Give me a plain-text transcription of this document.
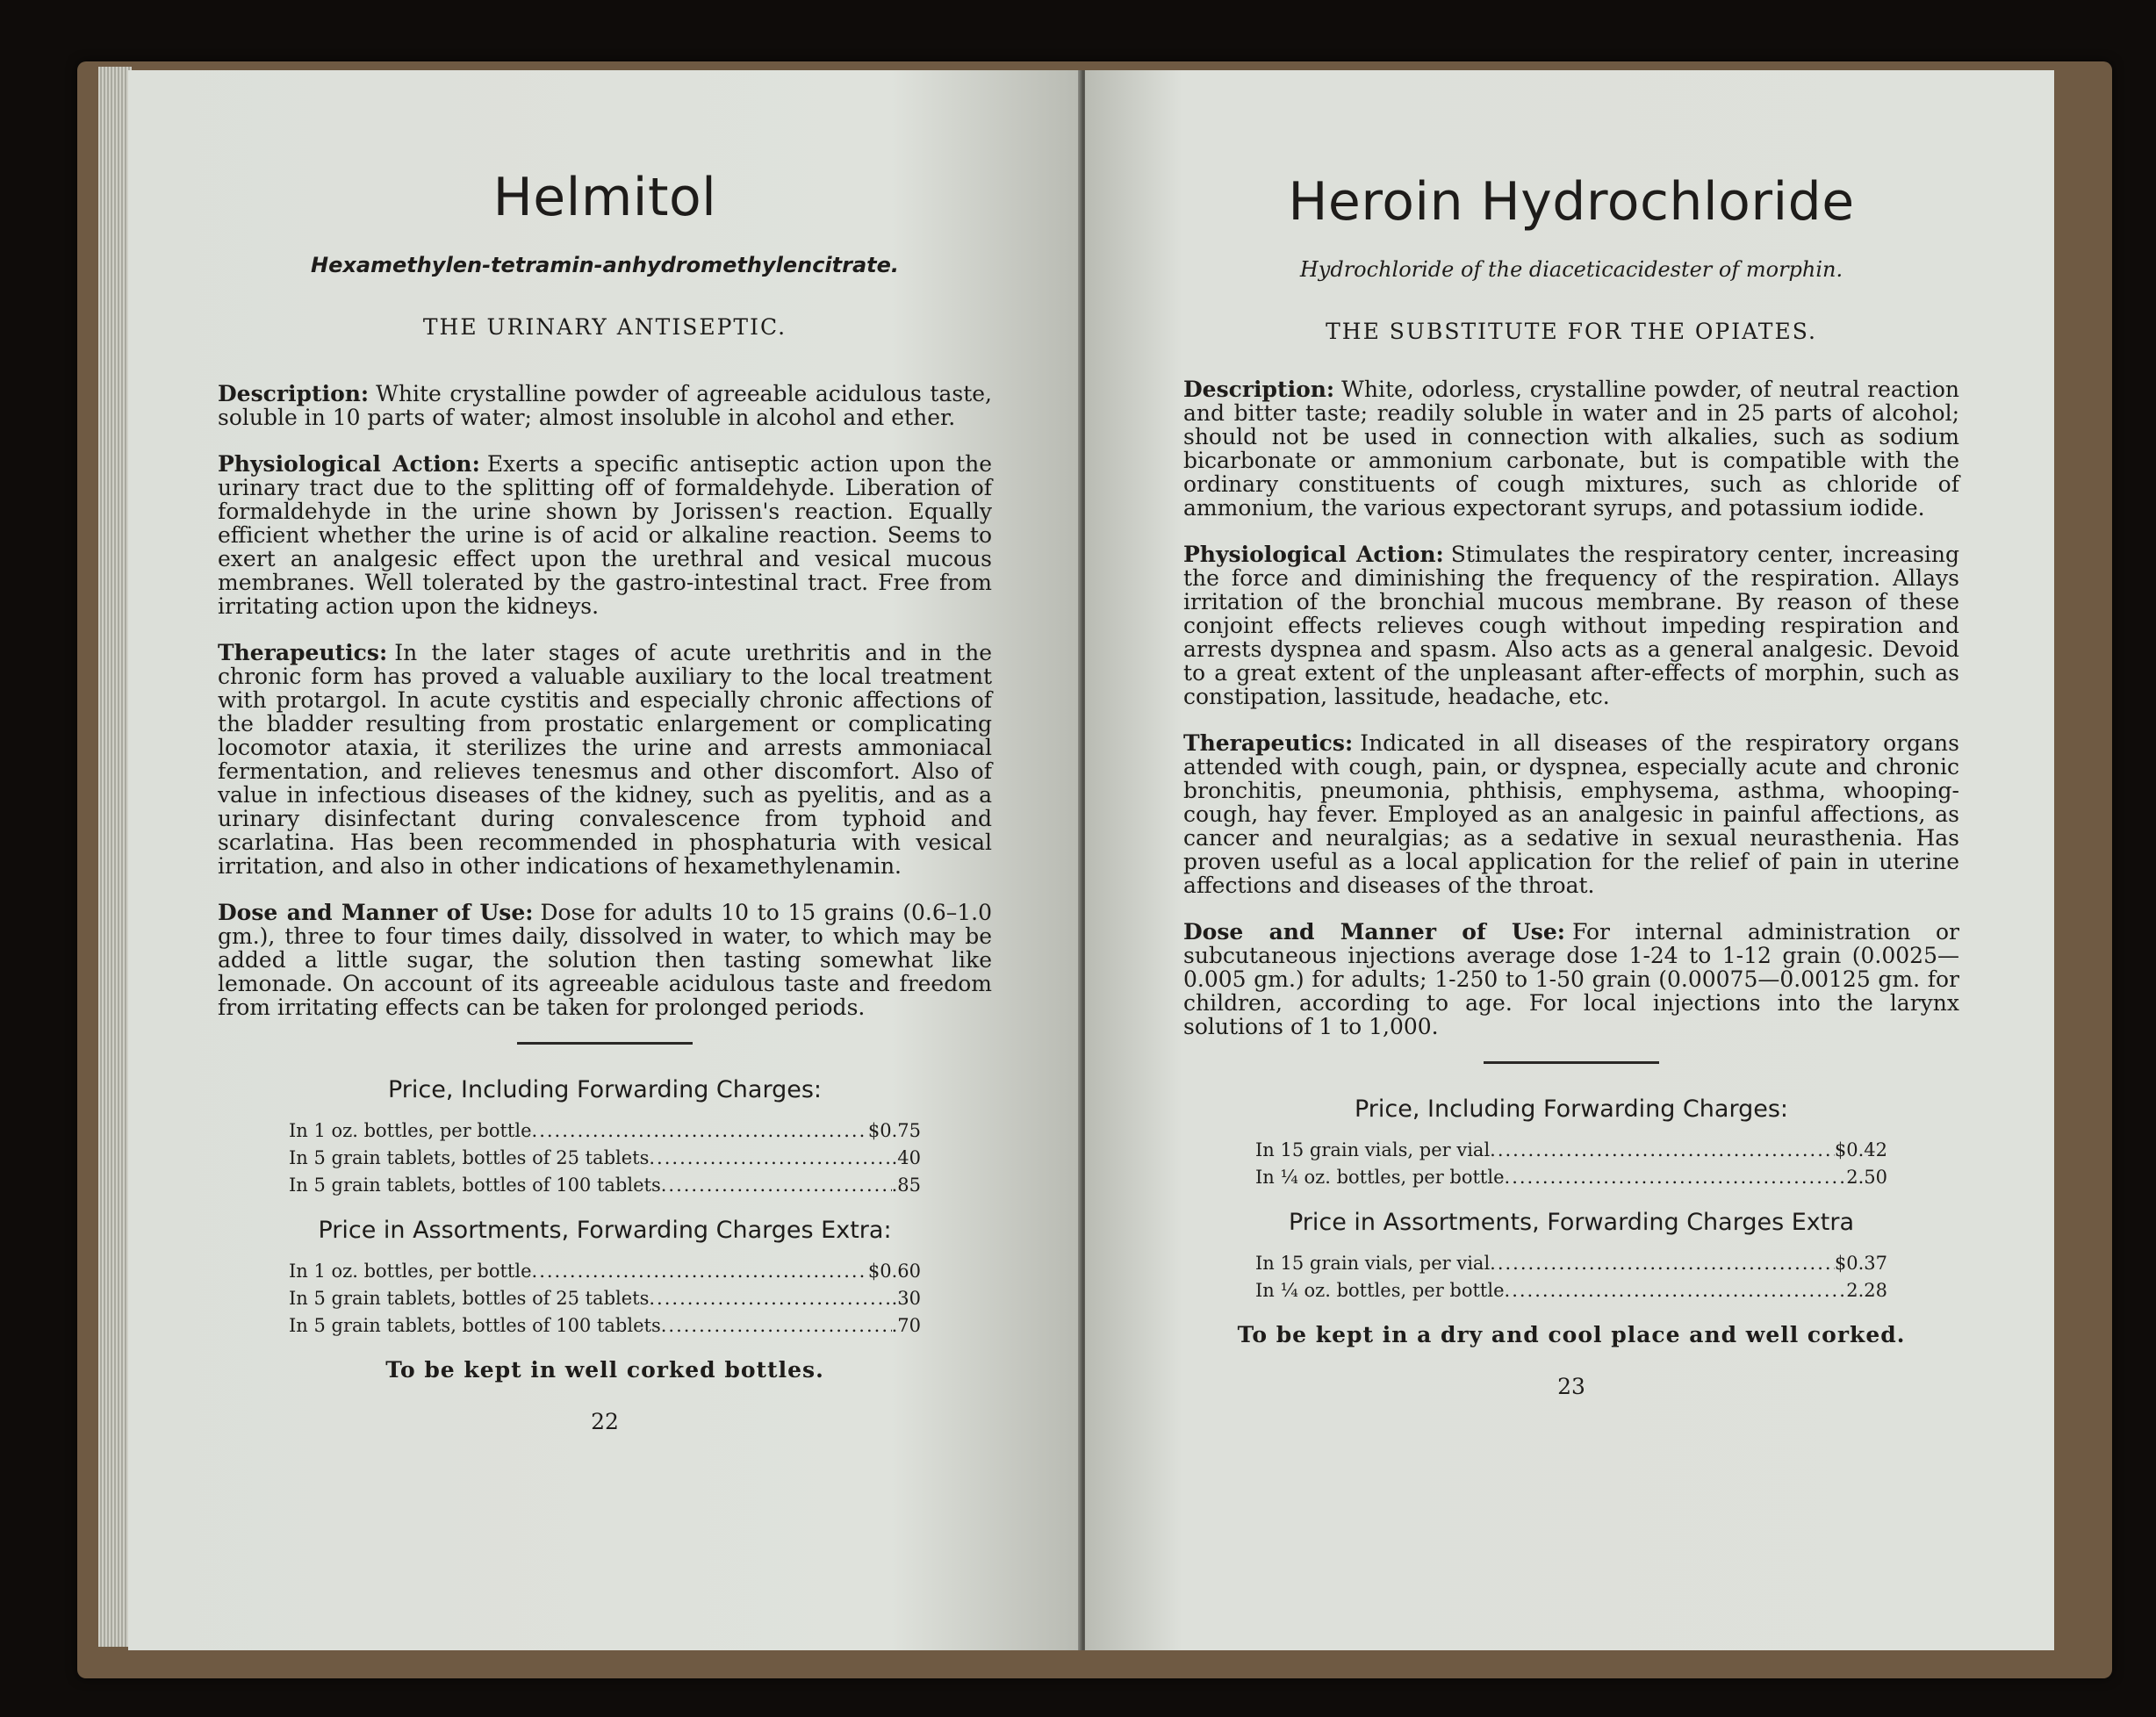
Helmitol
Hexamethylen-tetramin-anhydromethylencitrate.
THE URINARY ANTISEPTIC.

Description: White crystalline powder of agreeable acidulous taste, soluble in 10 parts of water; almost insoluble in alcohol and ether.

Physiological Action: Exerts a specific antiseptic action upon the urinary tract due to the splitting off of formaldehyde. Liberation of formaldehyde in the urine shown by Jorissen's reaction. Equally efficient whether the urine is of acid or alkaline reaction. Seems to exert an analgesic effect upon the urethral and vesical mucous membranes. Well tolerated by the gastro-intestinal tract. Free from irritating action upon the kidneys.

Therapeutics: In the later stages of acute urethritis and in the chronic form has proved a valuable auxiliary to the local treatment with protargol. In acute cystitis and especially chronic affections of the bladder resulting from prostatic enlargement or complicating locomotor ataxia, it sterilizes the urine and arrests ammoniacal fermentation, and relieves tenesmus and other discomfort. Also of value in infectious diseases of the kidney, such as pyelitis, and as a urinary disinfectant during convalescence from typhoid and scarlatina. Has been recommended in phosphaturia with vesical irritation, and also in other indications of hexamethylenamin.

Dose and Manner of Use: Dose for adults 10 to 15 grains (0.6–1.0 gm.), three to four times daily, dissolved in water, to which may be added a little sugar, the solution then tasting somewhat like lemonade. On account of its agreeable acidulous taste and freedom from irritating effects can be taken for prolonged periods.

Price, Including Forwarding Charges:
In 1 oz. bottles, per bottle .....	$0.75
In 5 grain tablets, bottles of 25 tablets .....	.40
In 5 grain tablets, bottles of 100 tablets .....	.85
Price in Assortments, Forwarding Charges Extra:
In 1 oz. bottles, per bottle .....	$0.60
In 5 grain tablets, bottles of 25 tablets .....	.30
In 5 grain tablets, bottles of 100 tablets .....	.70
To be kept in well corked bottles.
22
Heroin Hydrochloride
Hydrochloride of the diaceticacidester of morphin.
THE SUBSTITUTE FOR THE OPIATES.

Description: White, odorless, crystalline powder, of neutral reaction and bitter taste; readily soluble in water and in 25 parts of alcohol; should not be used in connection with alkalies, such as sodium bicarbonate or ammonium carbonate, but is compatible with the ordinary constituents of cough mixtures, such as chloride of ammonium, the various expectorant syrups, and potassium iodide.

Physiological Action: Stimulates the respiratory center, increasing the force and diminishing the frequency of the respiration. Allays irritation of the bronchial mucous membrane. By reason of these conjoint effects relieves cough without impeding respiration and arrests dyspnea and spasm. Also acts as a general analgesic. Devoid to a great extent of the unpleasant after-effects of morphin, such as constipation, lassitude, headache, etc.

Therapeutics: Indicated in all diseases of the respiratory organs attended with cough, pain, or dyspnea, especially acute and chronic bronchitis, pneumonia, phthisis, emphysema, asthma, whooping-cough, hay fever. Employed as an analgesic in painful affections, as cancer and neuralgias; as a sedative in sexual neurasthenia. Has proven useful as a local application for the relief of pain in uterine affections and diseases of the throat.

Dose and Manner of Use: For internal administration or subcutaneous injections average dose 1-24 to 1-12 grain (0.0025—0.005 gm.) for adults; 1-250 to 1-50 grain (0.00075—0.00125 gm. for children, according to age. For local injections into the larynx solutions of 1 to 1,000.

Price, Including Forwarding Charges:
In 15 grain vials, per vial .....	$0.42
In ¼ oz. bottles, per bottle .....	2.50
Price in Assortments, Forwarding Charges Extra
In 15 grain vials, per vial .....	$0.37
In ¼ oz. bottles, per bottle .....	2.28
To be kept in a dry and cool place and well corked.
23
